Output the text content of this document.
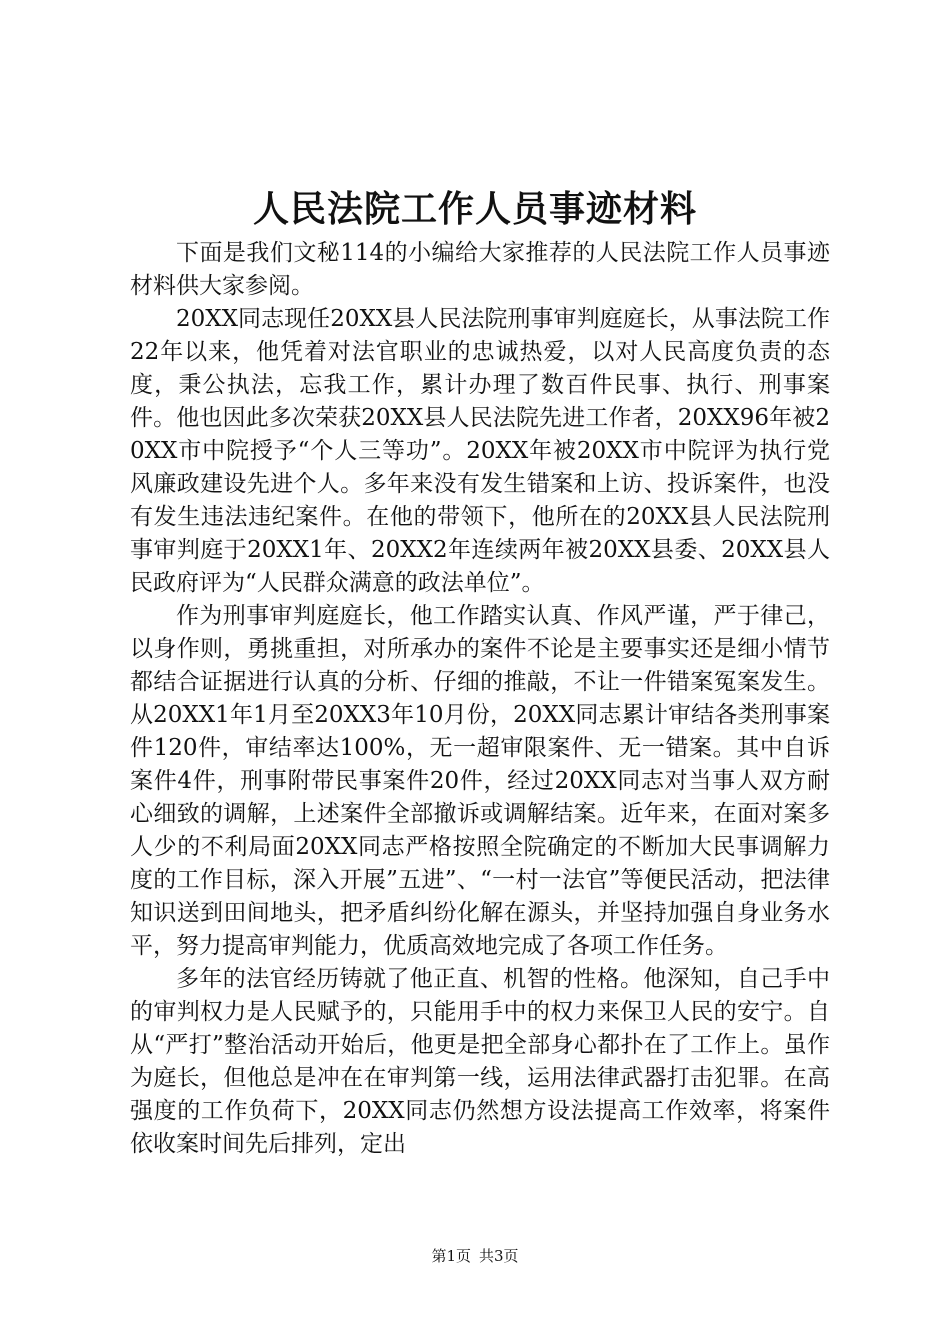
人民法院工作人员事迹材料

下面是我们文秘114的小编给大家推荐的人民法院工作人员事迹材料供大家参阅。

20XX同志现任20XX县人民法院刑事审判庭庭长，从事法院工作22年以来，他凭着对法官职业的忠诚热爱，以对人民高度负责的态度，秉公执法，忘我工作，累计办理了数百件民事、执行、刑事案件。他也因此多次荣获20XX县人民法院先进工作者，20XX96年被20XX市中院授予“个人三等功”。20XX年被20XX市中院评为执行党风廉政建设先进个人。多年来没有发生错案和上访、投诉案件，也没有发生违法违纪案件。在他的带领下，他所在的20XX县人民法院刑事审判庭于20XX1年、20XX2年连续两年被20XX县委、20XX县人民政府评为“人民群众满意的政法单位”。

作为刑事审判庭庭长，他工作踏实认真、作风严谨，严于律己，以身作则，勇挑重担，对所承办的案件不论是主要事实还是细小情节都结合证据进行认真的分析、仔细的推敲，不让一件错案冤案发生。从20XX1年1月至20XX3年10月份，20XX同志累计审结各类刑事案件120件，审结率达100%，无一超审限案件、无一错案。其中自诉案件4件，刑事附带民事案件20件，经过20XX同志对当事人双方耐心细致的调解，上述案件全部撤诉或调解结案。近年来，在面对案多人少的不利局面20XX同志严格按照全院确定的不断加大民事调解力度的工作目标，深入开展”五进”、“一村一法官”等便民活动，把法律知识送到田间地头，把矛盾纠纷化解在源头，并坚持加强自身业务水平，努力提高审判能力，优质高效地完成了各项工作任务。

多年的法官经历铸就了他正直、机智的性格。他深知，自己手中的审判权力是人民赋予的，只能用手中的权力来保卫人民的安宁。自从“严打”整治活动开始后，他更是把全部身心都扑在了工作上。虽作为庭长，但他总是冲在在审判第一线，运用法律武器打击犯罪。在高强度的工作负荷下，20XX同志仍然想方设法提高工作效率，将案件依收案时间先后排列，定出

第1页 共3页
